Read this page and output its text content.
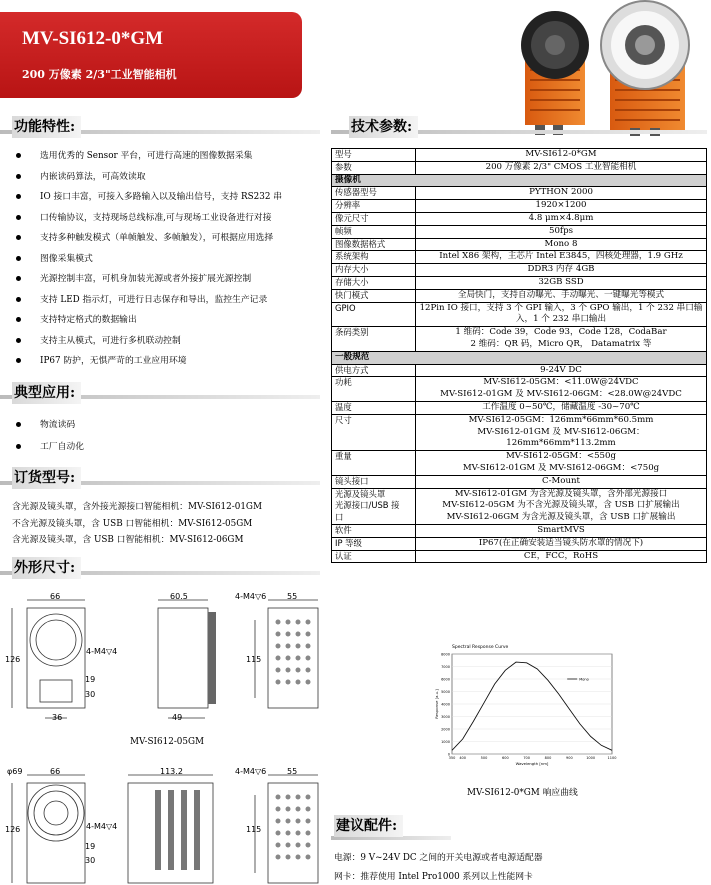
MV-SI612-0*GM
200 万像素 2/3"工业智能相机
功能特性:	技术参数:
选用优秀的 Sensor 平台，可进行高速的图像数据采集
内嵌读码算法，可高效读取
IO 接口丰富，可接入多路输入以及输出信号，支持 RS232 串
口传输协议，支持现场总线标准,可与现场工业设备进行对接
支持多种触发模式（单帧触发、多帧触发），可根据应用选择
图像采集模式
光源控制丰富，可机身加装光源或者外接扩展光源控制
支持 LED 指示灯，可进行日志保存和导出，监控生产记录
支持特定格式的数据输出
支持主从模式，可进行多机联动控制
IP67 防护，无惧严苛的工业应用环境
典型应用:
物流读码
工厂自动化
订货型号:
含光源及镜头罩，含外接光源接口智能相机：MV-SI612-01GM
不含光源及镜头罩，含 USB 口智能相机：MV-SI612-05GM
含光源及镜头罩，含 USB 口智能相机：MV-SI612-06GM
外形尺寸:
型号	MV-SI612-0*GM
参数	200 万像素 2/3" CMOS 工业智能相机
摄像机	
传感器型号	PYTHON 2000
分辨率	1920×1200
像元尺寸	4.8 μm×4.8μm
帧频	50fps
图像数据格式	Mono 8
系统架构	Intel X86 架构，主芯片 Intel E3845，四核处理器，1.9 GHz
内存大小	DDR3 内存 4GB
存储大小	32GB SSD
快门模式	全局快门，支持自动曝光、手动曝光、一键曝光等模式
GPIO	12Pin IO 接口，支持 3 个 GPI 输入，3 个 GPO 输出，1 个 232 串口输入，1 个 232 串口输出
条码类别	1 维码：Code 39，Code 93，Code 128，CodaBar
2 维码：QR 码，Micro QR， Datamatrix 等
一般规范	
供电方式	9-24V DC
功耗	MV-SI612-05GM：<11.0W@24VDC
MV-SI612-01GM 及 MV-SI612-06GM：<28.0W@24VDC
温度	工作温度 0~50℃，储藏温度 -30~70℃
尺寸	MV-SI612-05GM：126mm*66mm*60.5mm
MV-SI612-01GM 及 MV-SI612-06GM：
126mm*66mm*113.2mm
重量	MV-SI612-05GM：<550g
MV-SI612-01GM 及 MV-SI612-06GM：<750g
镜头接口	C-Mount
光源及镜头罩
光源接口/USB 接
口	MV-SI612-01GM 为含光源及镜头罩，含外部光源接口
MV-SI612-05GM 为不含光源及镜头罩，含 USB 口扩展输出
MV-SI612-06GM 为含光源及镜头罩，含 USB 口扩展输出
软件	SmartMVS
IP 等级	IP67(在正确安装适当镜头防水罩的情况下)
认证	CE，FCC，RoHS
66	60.5	4-M4▽6	55
126
4-M4▽4
115
19
30
36	49
MV-SI612-05GM
φ69	66	113.2	4-M4▽6	55
126	4-M4▽4	115
19
30
Spectral Response Curve
0
1000
2000
3000
4000
5000
6000
7000
8000
350 400	500	600	700	800	900	1000	1100
Wavelength [nm]
Response [a.u.]
Mono
MV-SI612-0*GM 响应曲线
建议配件:
电源：9 V~24V DC 之间的开关电源或者电源适配器
网卡：推荐使用 Intel Pro1000 系列以上性能网卡
